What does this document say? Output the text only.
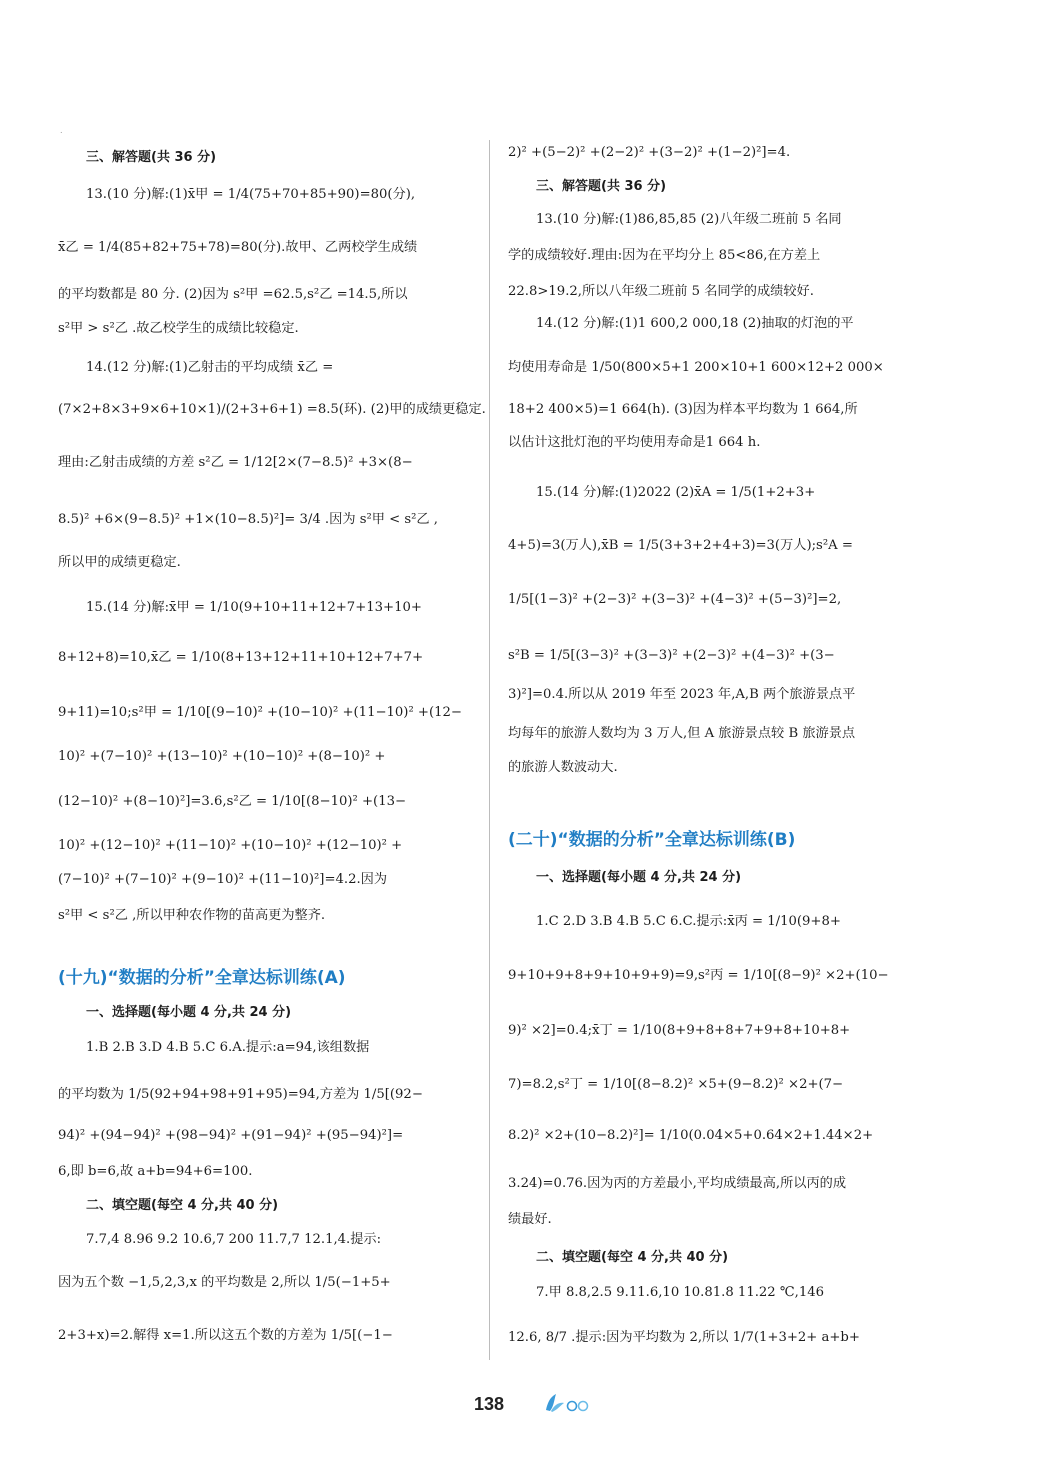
.
三、解答题(共 36 分)
13.(10 分)解:(1)x̄甲 = 1/4(75+70+85+90)=80(分),
x̄乙 = 1/4(85+82+75+78)=80(分).故甲、乙两校学生成绩
的平均数都是 80 分. (2)因为 s²甲 =62.5,s²乙 =14.5,所以
s²甲 > s²乙 .故乙校学生的成绩比较稳定.
14.(12 分)解:(1)乙射击的平均成绩 x̄乙 =
(7×2+8×3+9×6+10×1)/(2+3+6+1) =8.5(环). (2)甲的成绩更稳定.
理由:乙射击成绩的方差 s²乙 = 1/12[2×(7−8.5)² +3×(8−
8.5)² +6×(9−8.5)² +1×(10−8.5)²]= 3/4 .因为 s²甲 < s²乙 ,
所以甲的成绩更稳定.
15.(14 分)解:x̄甲 = 1/10(9+10+11+12+7+13+10+
8+12+8)=10,x̄乙 = 1/10(8+13+12+11+10+12+7+7+
9+11)=10;s²甲 = 1/10[(9−10)² +(10−10)² +(11−10)² +(12−
10)² +(7−10)² +(13−10)² +(10−10)² +(8−10)² +
(12−10)² +(8−10)²]=3.6,s²乙 = 1/10[(8−10)² +(13−
10)² +(12−10)² +(11−10)² +(10−10)² +(12−10)² +
(7−10)² +(7−10)² +(9−10)² +(11−10)²]=4.2.因为
s²甲 < s²乙 ,所以甲种农作物的苗高更为整齐.
(十九)“数据的分析”全章达标训练(A)
一、选择题(每小题 4 分,共 24 分)
1.B 2.B 3.D 4.B 5.C 6.A.提示:a=94,该组数据
的平均数为 1/5(92+94+98+91+95)=94,方差为 1/5[(92−
94)² +(94−94)² +(98−94)² +(91−94)² +(95−94)²]=
6,即 b=6,故 a+b=94+6=100.
二、填空题(每空 4 分,共 40 分)
7.7,4 8.96 9.2 10.6,7 200 11.7,7 12.1,4.提示:
因为五个数 −1,5,2,3,x 的平均数是 2,所以 1/5(−1+5+
2+3+x)=2.解得 x=1.所以这五个数的方差为 1/5[(−1−
2)² +(5−2)² +(2−2)² +(3−2)² +(1−2)²]=4.
三、解答题(共 36 分)
13.(10 分)解:(1)86,85,85 (2)八年级二班前 5 名同
学的成绩较好.理由:因为在平均分上 85<86,在方差上
22.8>19.2,所以八年级二班前 5 名同学的成绩较好.
14.(12 分)解:(1)1 600,2 000,18 (2)抽取的灯泡的平
均使用寿命是 1/50(800×5+1 200×10+1 600×12+2 000×
18+2 400×5)=1 664(h). (3)因为样本平均数为 1 664,所
以估计这批灯泡的平均使用寿命是1 664 h.
15.(14 分)解:(1)2022 (2)x̄A = 1/5(1+2+3+
4+5)=3(万人),x̄B = 1/5(3+3+2+4+3)=3(万人);s²A =
1/5[(1−3)² +(2−3)² +(3−3)² +(4−3)² +(5−3)²]=2,
s²B = 1/5[(3−3)² +(3−3)² +(2−3)² +(4−3)² +(3−
3)²]=0.4.所以从 2019 年至 2023 年,A,B 两个旅游景点平
均每年的旅游人数均为 3 万人,但 A 旅游景点较 B 旅游景点
的旅游人数波动大.
(二十)“数据的分析”全章达标训练(B)
一、选择题(每小题 4 分,共 24 分)
1.C 2.D 3.B 4.B 5.C 6.C.提示:x̄丙 = 1/10(9+8+
9+10+9+8+9+10+9+9)=9,s²丙 = 1/10[(8−9)² ×2+(10−
9)² ×2]=0.4;x̄丁 = 1/10(8+9+8+8+7+9+8+10+8+
7)=8.2,s²丁 = 1/10[(8−8.2)² ×5+(9−8.2)² ×2+(7−
8.2)² ×2+(10−8.2)²]= 1/10(0.04×5+0.64×2+1.44×2+
3.24)=0.76.因为丙的方差最小,平均成绩最高,所以丙的成
绩最好.
二、填空题(每空 4 分,共 40 分)
7.甲 8.8,2.5 9.11.6,10 10.81.8 11.22 ℃,146
12.6, 8/7 .提示:因为平均数为 2,所以 1/7(1+3+2+ a+b+
138
